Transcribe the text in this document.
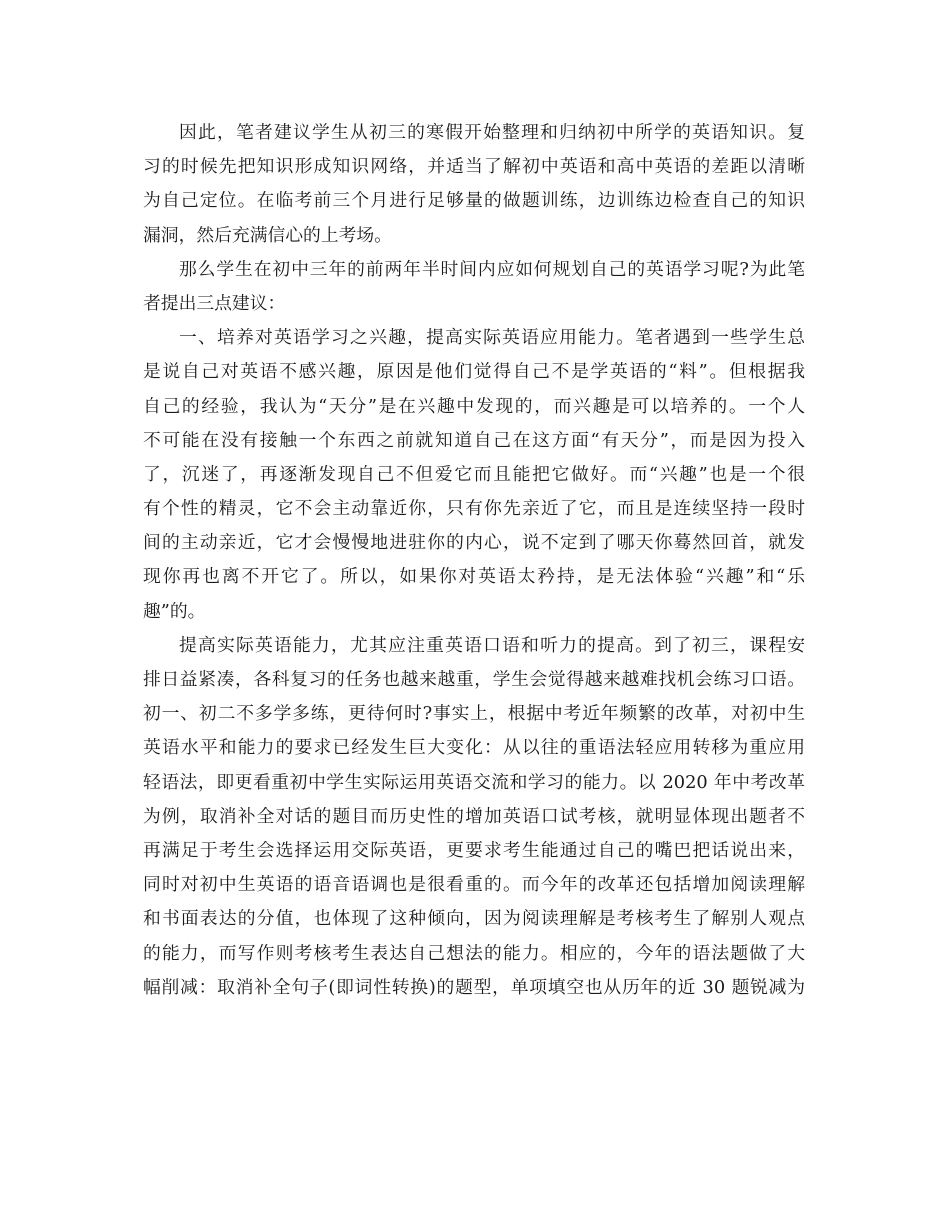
因此，笔者建议学生从初三的寒假开始整理和归纳初中所学的英语知识。复
习的时候先把知识形成知识网络，并适当了解初中英语和高中英语的差距以清晰
为自己定位。在临考前三个月进行足够量的做题训练，边训练边检查自己的知识
漏洞，然后充满信心的上考场。
那么学生在初中三年的前两年半时间内应如何规划自己的英语学习呢?为此笔
者提出三点建议：
一、培养对英语学习之兴趣，提高实际英语应用能力。笔者遇到一些学生总
是说自己对英语不感兴趣，原因是他们觉得自己不是学英语的“料”。但根据我
自己的经验，我认为“天分”是在兴趣中发现的，而兴趣是可以培养的。一个人
不可能在没有接触一个东西之前就知道自己在这方面“有天分”，而是因为投入
了，沉迷了，再逐渐发现自己不但爱它而且能把它做好。而“兴趣”也是一个很
有个性的精灵，它不会主动靠近你，只有你先亲近了它，而且是连续坚持一段时
间的主动亲近，它才会慢慢地进驻你的内心，说不定到了哪天你蓦然回首，就发
现你再也离不开它了。所以，如果你对英语太矜持，是无法体验“兴趣”和“乐
趣”的。
提高实际英语能力，尤其应注重英语口语和听力的提高。到了初三，课程安
排日益紧凑，各科复习的任务也越来越重，学生会觉得越来越难找机会练习口语。
初一、初二不多学多练，更待何时?事实上，根据中考近年频繁的改革，对初中生
英语水平和能力的要求已经发生巨大变化：从以往的重语法轻应用转移为重应用
轻语法，即更看重初中学生实际运用英语交流和学习的能力。以 2020 年中考改革
为例，取消补全对话的题目而历史性的增加英语口试考核，就明显体现出题者不
再满足于考生会选择运用交际英语，更要求考生能通过自己的嘴巴把话说出来，
同时对初中生英语的语音语调也是很看重的。而今年的改革还包括增加阅读理解
和书面表达的分值，也体现了这种倾向，因为阅读理解是考核考生了解别人观点
的能力，而写作则考核考生表达自己想法的能力。相应的，今年的语法题做了大
幅削减：取消补全句子(即词性转换)的题型，单项填空也从历年的近 30 题锐减为
